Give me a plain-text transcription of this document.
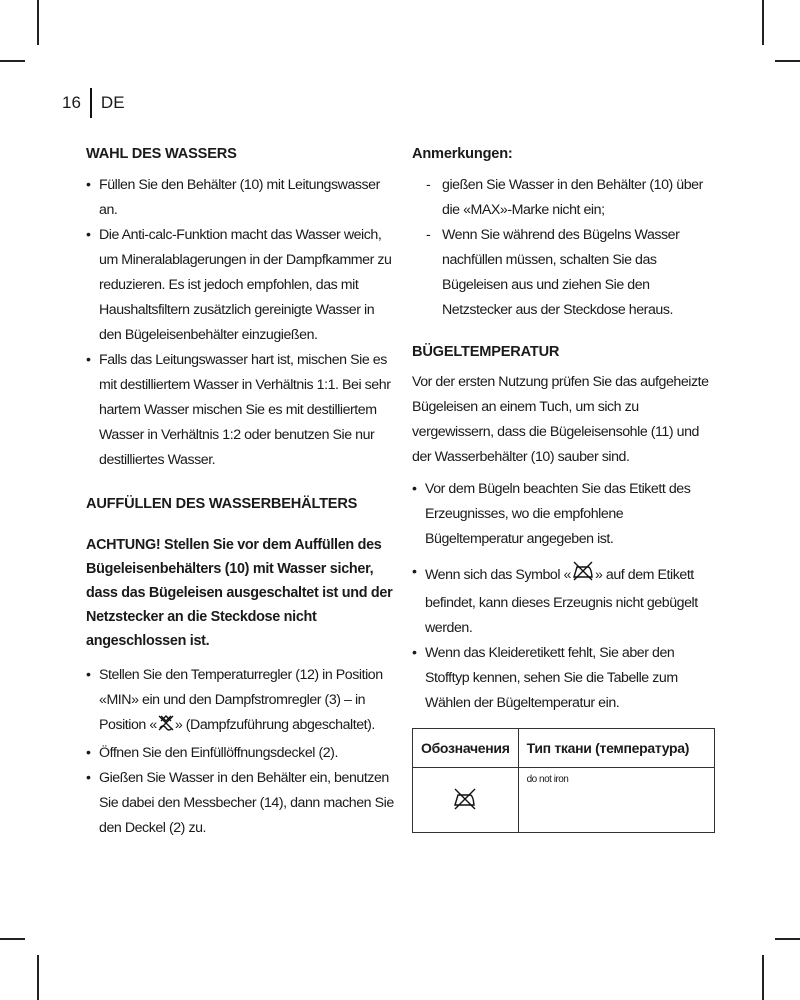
16	DE
WAHL DES WASSERS
• Füllen Sie den Behälter (10) mit Leitungswasser an.
• Die Anti-calc-Funktion macht das Wasser weich, um Mineralablagerungen in der Dampfkammer zu reduzieren. Es ist jedoch empfohlen, das mit Haushaltsfiltern zusätzlich gereinigte Wasser in den Bügeleisenbehälter einzugießen.
• Falls das Leitungswasser hart ist, mischen Sie es mit destilliertem Wasser in Verhältnis 1:1. Bei sehr hartem Wasser mischen Sie es mit destilliertem Wasser in Verhältnis 1:2 oder benutzen Sie nur destilliertes Wasser.
AUFFÜLLEN DES WASSERBEHÄLTERS

ACHTUNG! Stellen Sie vor dem Auffüllen des Bügeleisenbehälters (10) mit Wasser sicher, dass das Bügeleisen ausgeschaltet ist und der Netzstecker an die Steckdose nicht angeschlossen ist.

• Stellen Sie den Temperaturregler (12) in Position «MIN» ein und den Dampfstromregler (3) – in Position « » (Dampfzuführung abgeschaltet).
• Öffnen Sie den Einfüllöffnungsdeckel (2).
• Gießen Sie Wasser in den Behälter ein, benutzen Sie dabei den Messbecher (14), dann machen Sie den Deckel (2) zu.
Anmerkungen:
- gießen Sie Wasser in den Behälter (10) über die «MAX»-Marke nicht ein;
- Wenn Sie während des Bügelns Wasser nachfüllen müssen, schalten Sie das Bügeleisen aus und ziehen Sie den Netzstecker aus der Steckdose heraus.
BÜGELTEMPERATUR

Vor der ersten Nutzung prüfen Sie das aufgeheizte Bügeleisen an einem Tuch, um sich zu vergewissern, dass die Bügeleisensohle (11) und der Wasserbehälter (10) sauber sind.

• Vor dem Bügeln beachten Sie das Etikett des Erzeugnisses, wo die empfohlene Bügeltemperatur angegeben ist.
• Wenn sich das Symbol « » auf dem Etikett befindet, kann dieses Erzeugnis nicht gebügelt werden.
• Wenn das Kleideretikett fehlt, Sie aber den Stofftyp kennen, sehen Sie die Tabelle zum Wählen der Bügeltemperatur ein.
Обозначения	Тип ткани (температура)
	do not iron
